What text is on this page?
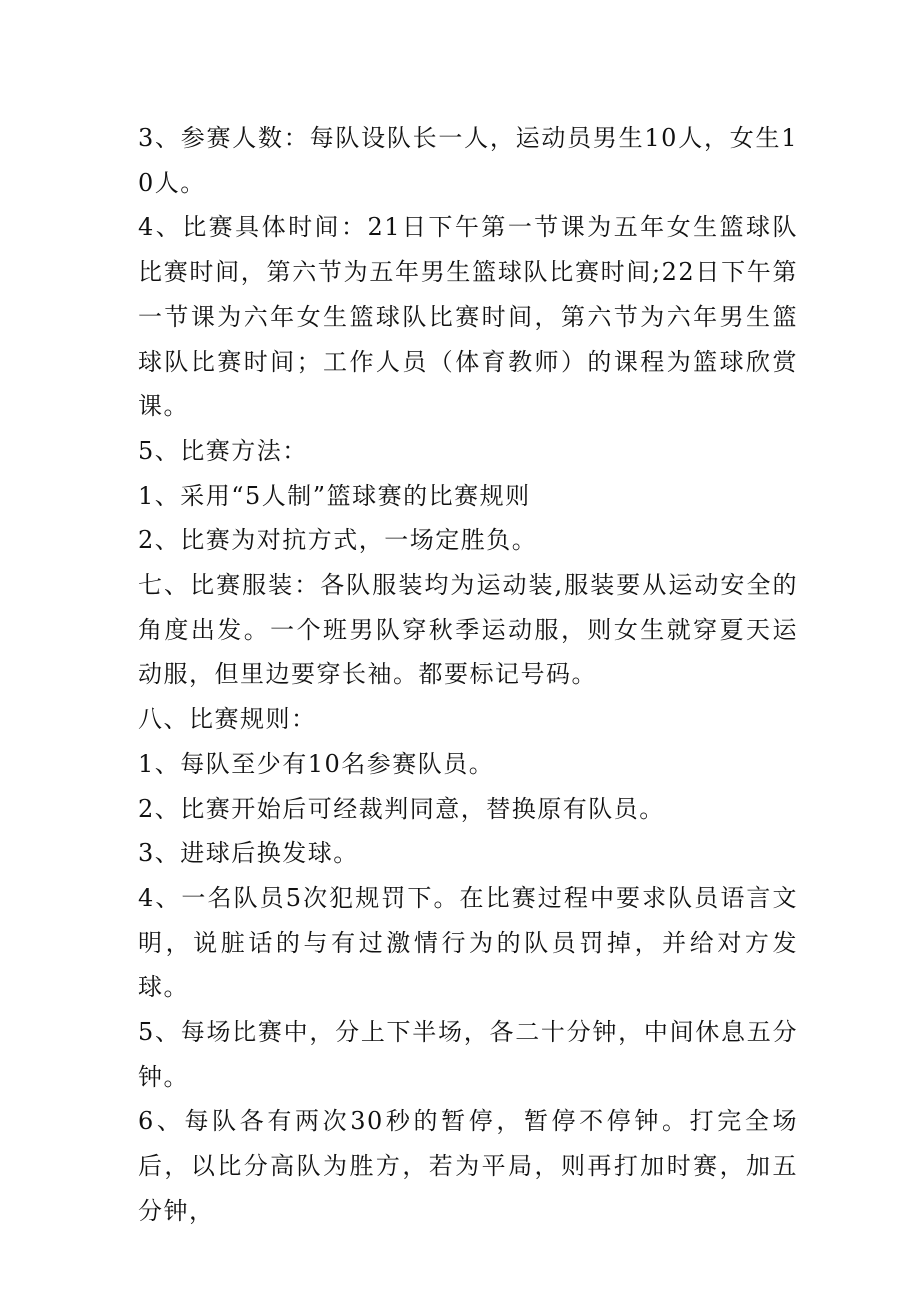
3、参赛人数：每队设队长一人，运动员男生10人，女生10人。

4、比赛具体时间：21日下午第一节课为五年女生篮球队比赛时间，第六节为五年男生篮球队比赛时间;22日下午第一节课为六年女生篮球队比赛时间，第六节为六年男生篮球队比赛时间；工作人员（体育教师）的课程为篮球欣赏课。

5、比赛方法：

1、采用“5人制”篮球赛的比赛规则

2、比赛为对抗方式，一场定胜负。

七、比赛服装：各队服装均为运动装,服装要从运动安全的角度出发。一个班男队穿秋季运动服，则女生就穿夏天运动服，但里边要穿长袖。都要标记号码。

八、比赛规则：

1、每队至少有10名参赛队员。

2、比赛开始后可经裁判同意，替换原有队员。

3、进球后换发球。

4、一名队员5次犯规罚下。在比赛过程中要求队员语言文明，说脏话的与有过激情行为的队员罚掉，并给对方发球。

5、每场比赛中，分上下半场，各二十分钟，中间休息五分钟。

6、每队各有两次30秒的暂停，暂停不停钟。打完全场后，以比分高队为胜方，若为平局，则再打加时赛，加五分钟，
